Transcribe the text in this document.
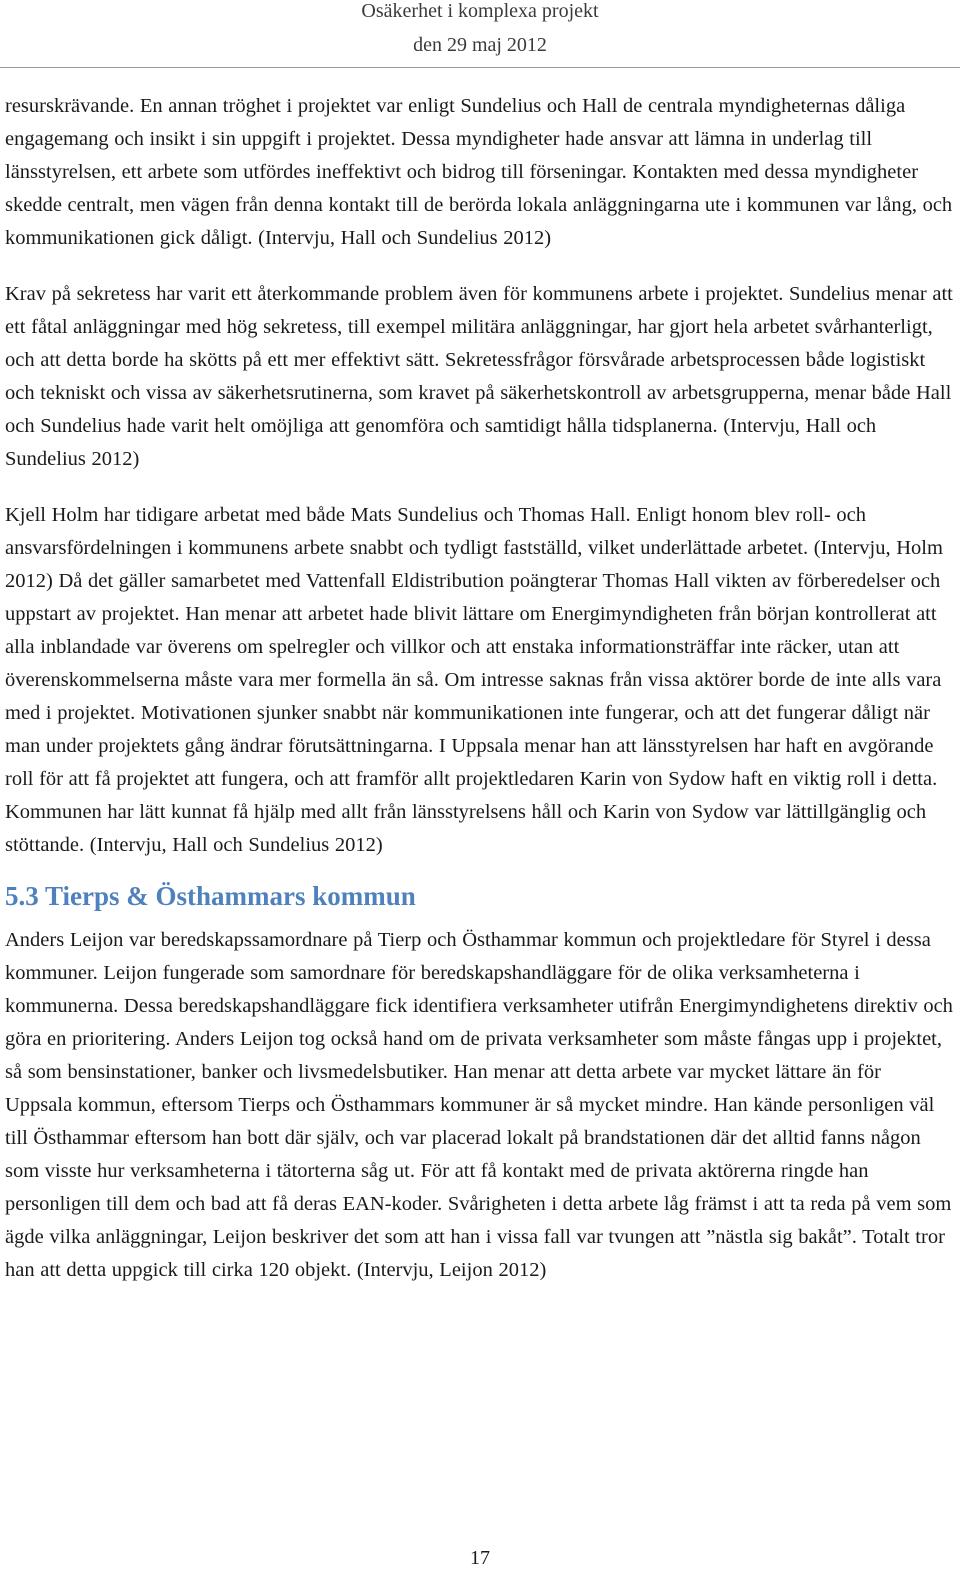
Osäkerhet i komplexa projekt
den 29 maj 2012

resurskrävande. En annan tröghet i projektet var enligt Sundelius och Hall de centrala myndigheternas dåliga engagemang och insikt i sin uppgift i projektet. Dessa myndigheter hade ansvar att lämna in underlag till länsstyrelsen, ett arbete som utfördes ineffektivt och bidrog till förseningar. Kontakten med dessa myndigheter skedde centralt, men vägen från denna kontakt till de berörda lokala anläggningarna ute i kommunen var lång, och kommunikationen gick dåligt. (Intervju, Hall och Sundelius 2012)

Krav på sekretess har varit ett återkommande problem även för kommunens arbete i projektet. Sundelius menar att ett fåtal anläggningar med hög sekretess, till exempel militära anläggningar, har gjort hela arbetet svårhanterligt, och att detta borde ha skötts på ett mer effektivt sätt. Sekretessfrågor försvårade arbetsprocessen både logistiskt och tekniskt och vissa av säkerhetsrutinerna, som kravet på säkerhetskontroll av arbetsgrupperna, menar både Hall och Sundelius hade varit helt omöjliga att genomföra och samtidigt hålla tidsplanerna. (Intervju, Hall och Sundelius 2012)

Kjell Holm har tidigare arbetat med både Mats Sundelius och Thomas Hall. Enligt honom blev roll- och ansvarsfördelningen i kommunens arbete snabbt och tydligt fastställd, vilket underlättade arbetet. (Intervju, Holm 2012) Då det gäller samarbetet med Vattenfall Eldistribution poängterar Thomas Hall vikten av förberedelser och uppstart av projektet. Han menar att arbetet hade blivit lättare om Energimyndigheten från början kontrollerat att alla inblandade var överens om spelregler och villkor och att enstaka informationsträffar inte räcker, utan att överenskommelserna måste vara mer formella än så. Om intresse saknas från vissa aktörer borde de inte alls vara med i projektet. Motivationen sjunker snabbt när kommunikationen inte fungerar, och att det fungerar dåligt när man under projektets gång ändrar förutsättningarna. I Uppsala menar han att länsstyrelsen har haft en avgörande roll för att få projektet att fungera, och att framför allt projektledaren Karin von Sydow haft en viktig roll i detta. Kommunen har lätt kunnat få hjälp med allt från länsstyrelsens håll och Karin von Sydow var lättillgänglig och stöttande. (Intervju, Hall och Sundelius 2012)

5.3 Tierps & Östhammars kommun

Anders Leijon var beredskapssamordnare på Tierp och Östhammar kommun och projektledare för Styrel i dessa kommuner. Leijon fungerade som samordnare för beredskapshandläggare för de olika verksamheterna i kommunerna. Dessa beredskapshandläggare fick identifiera verksamheter utifrån Energimyndighetens direktiv och göra en prioritering. Anders Leijon tog också hand om de privata verksamheter som måste fångas upp i projektet, så som bensinstationer, banker och livsmedelsbutiker. Han menar att detta arbete var mycket lättare än för Uppsala kommun, eftersom Tierps och Östhammars kommuner är så mycket mindre. Han kände personligen väl till Östhammar eftersom han bott där själv, och var placerad lokalt på brandstationen där det alltid fanns någon som visste hur verksamheterna i tätorterna såg ut. För att få kontakt med de privata aktörerna ringde han personligen till dem och bad att få deras EAN-koder. Svårigheten i detta arbete låg främst i att ta reda på vem som ägde vilka anläggningar, Leijon beskriver det som att han i vissa fall var tvungen att ”nästla sig bakåt”. Totalt tror han att detta uppgick till cirka 120 objekt. (Intervju, Leijon 2012)

17
